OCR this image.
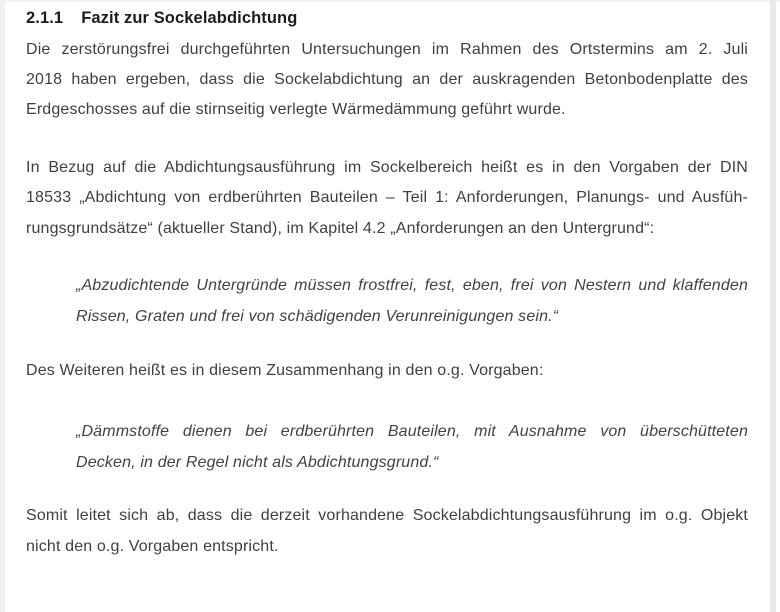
2.1.1 Fazit zur Sockelabdichtung
Die zerstörungsfrei durchgeführten Untersuchungen im Rahmen des Ortstermins am 2. Juli
2018 haben ergeben, dass die Sockelabdichtung an der auskragenden Betonbodenplatte des
Erdgeschosses auf die stirnseitig verlegte Wärmedämmung geführt wurde.
In Bezug auf die Abdichtungsausführung im Sockelbereich heißt es in den Vorgaben der DIN
18533 „Abdichtung von erdberührten Bauteilen – Teil 1: Anforderungen, Planungs- und Ausfüh-
rungsgrundsätze“ (aktueller Stand), im Kapitel 4.2 „Anforderungen an den Untergrund“:
„Abzudichtende Untergründe müssen frostfrei, fest, eben, frei von Nestern und klaffenden
Rissen, Graten und frei von schädigenden Verunreinigungen sein.“
Des Weiteren heißt es in diesem Zusammenhang in den o.g. Vorgaben:
„Dämmstoffe dienen bei erdberührten Bauteilen, mit Ausnahme von überschütteten
Decken, in der Regel nicht als Abdichtungsgrund.“
Somit leitet sich ab, dass die derzeit vorhandene Sockelabdichtungsausführung im o.g. Objekt
nicht den o.g. Vorgaben entspricht.
